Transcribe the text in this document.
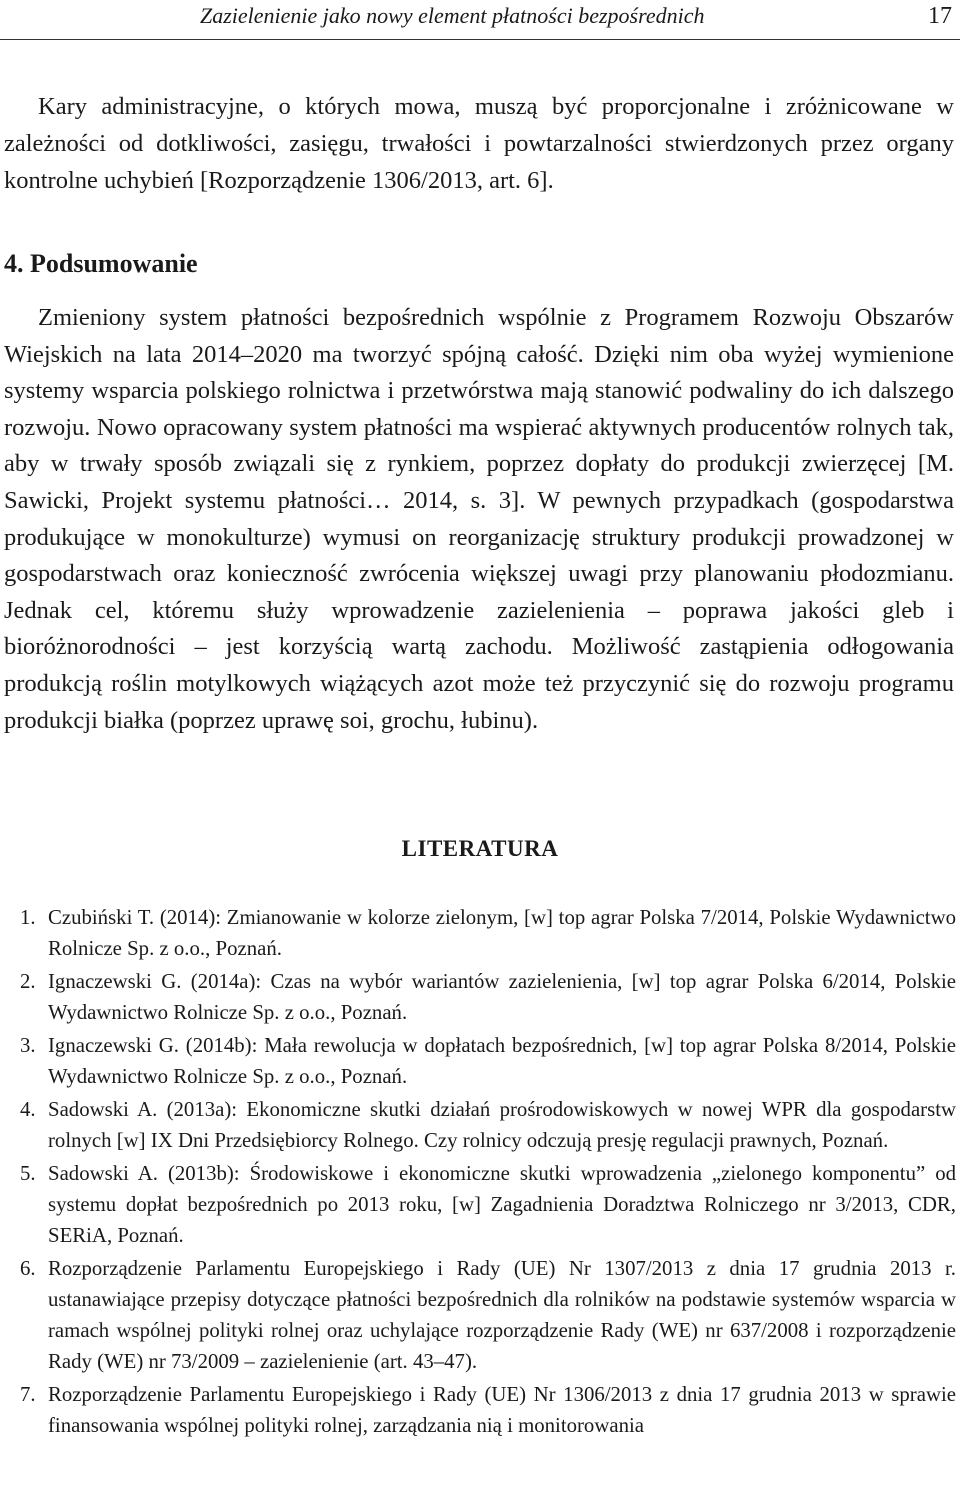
Zazielenienie jako nowy element płatności bezpośrednich	17

Kary administracyjne, o których mowa, muszą być proporcjonalne i zróżnicowane w zależności od dotkliwości, zasięgu, trwałości i powtarzalności stwierdzonych przez organy kontrolne uchybień [Rozporządzenie 1306/2013, art. 6].

4. Podsumowanie

Zmieniony system płatności bezpośrednich wspólnie z Programem Rozwoju Obszarów Wiejskich na lata 2014–2020 ma tworzyć spójną całość. Dzięki nim oba wyżej wymienione systemy wsparcia polskiego rolnictwa i przetwórstwa mają stanowić podwaliny do ich dalszego rozwoju. Nowo opracowany system płatności ma wspierać aktywnych producentów rolnych tak, aby w trwały sposób związali się z rynkiem, poprzez dopłaty do produkcji zwierzęcej [M. Sawicki, Projekt systemu płatności… 2014, s. 3]. W pewnych przypadkach (gospodarstwa produkujące w monokulturze) wymusi on reorganizację struktury produkcji prowadzonej w gospodarstwach oraz konieczność zwrócenia większej uwagi przy planowaniu płodozmianu. Jednak cel, któremu służy wprowadzenie zazielenienia – poprawa jakości gleb i bioróżnorodności – jest korzyścią wartą zachodu. Możliwość zastąpienia odłogowania produkcją roślin motylkowych wiążących azot może też przyczynić się do rozwoju programu produkcji białka (poprzez uprawę soi, grochu, łubinu).

LITERATURA
1. Czubiński T. (2014): Zmianowanie w kolorze zielonym, [w] top agrar Polska 7/2014, Polskie Wydawnictwo Rolnicze Sp. z o.o., Poznań.
2. Ignaczewski G. (2014a): Czas na wybór wariantów zazielenienia, [w] top agrar Polska 6/2014, Polskie Wydawnictwo Rolnicze Sp. z o.o., Poznań.
3. Ignaczewski G. (2014b): Mała rewolucja w dopłatach bezpośrednich, [w] top agrar Polska 8/2014, Polskie Wydawnictwo Rolnicze Sp. z o.o., Poznań.
4. Sadowski A. (2013a): Ekonomiczne skutki działań prośrodowiskowych w nowej WPR dla gospodarstw rolnych [w] IX Dni Przedsiębiorcy Rolnego. Czy rolnicy odczują presję regulacji prawnych, Poznań.
5. Sadowski A. (2013b): Środowiskowe i ekonomiczne skutki wprowadzenia „zielonego komponentu” od systemu dopłat bezpośrednich po 2013 roku, [w] Zagadnienia Doradztwa Rolniczego nr 3/2013, CDR, SERiA, Poznań.
6. Rozporządzenie Parlamentu Europejskiego i Rady (UE) Nr 1307/2013 z dnia 17 grudnia 2013 r. ustanawiające przepisy dotyczące płatności bezpośrednich dla rolników na podstawie systemów wsparcia w ramach wspólnej polityki rolnej oraz uchylające rozporządzenie Rady (WE) nr 637/2008 i rozporządzenie Rady (WE) nr 73/2009 – zazielenienie (art. 43–47).
7. Rozporządzenie Parlamentu Europejskiego i Rady (UE) Nr 1306/2013 z dnia 17 grudnia 2013 w sprawie finansowania wspólnej polityki rolnej, zarządzania nią i monitorowania
